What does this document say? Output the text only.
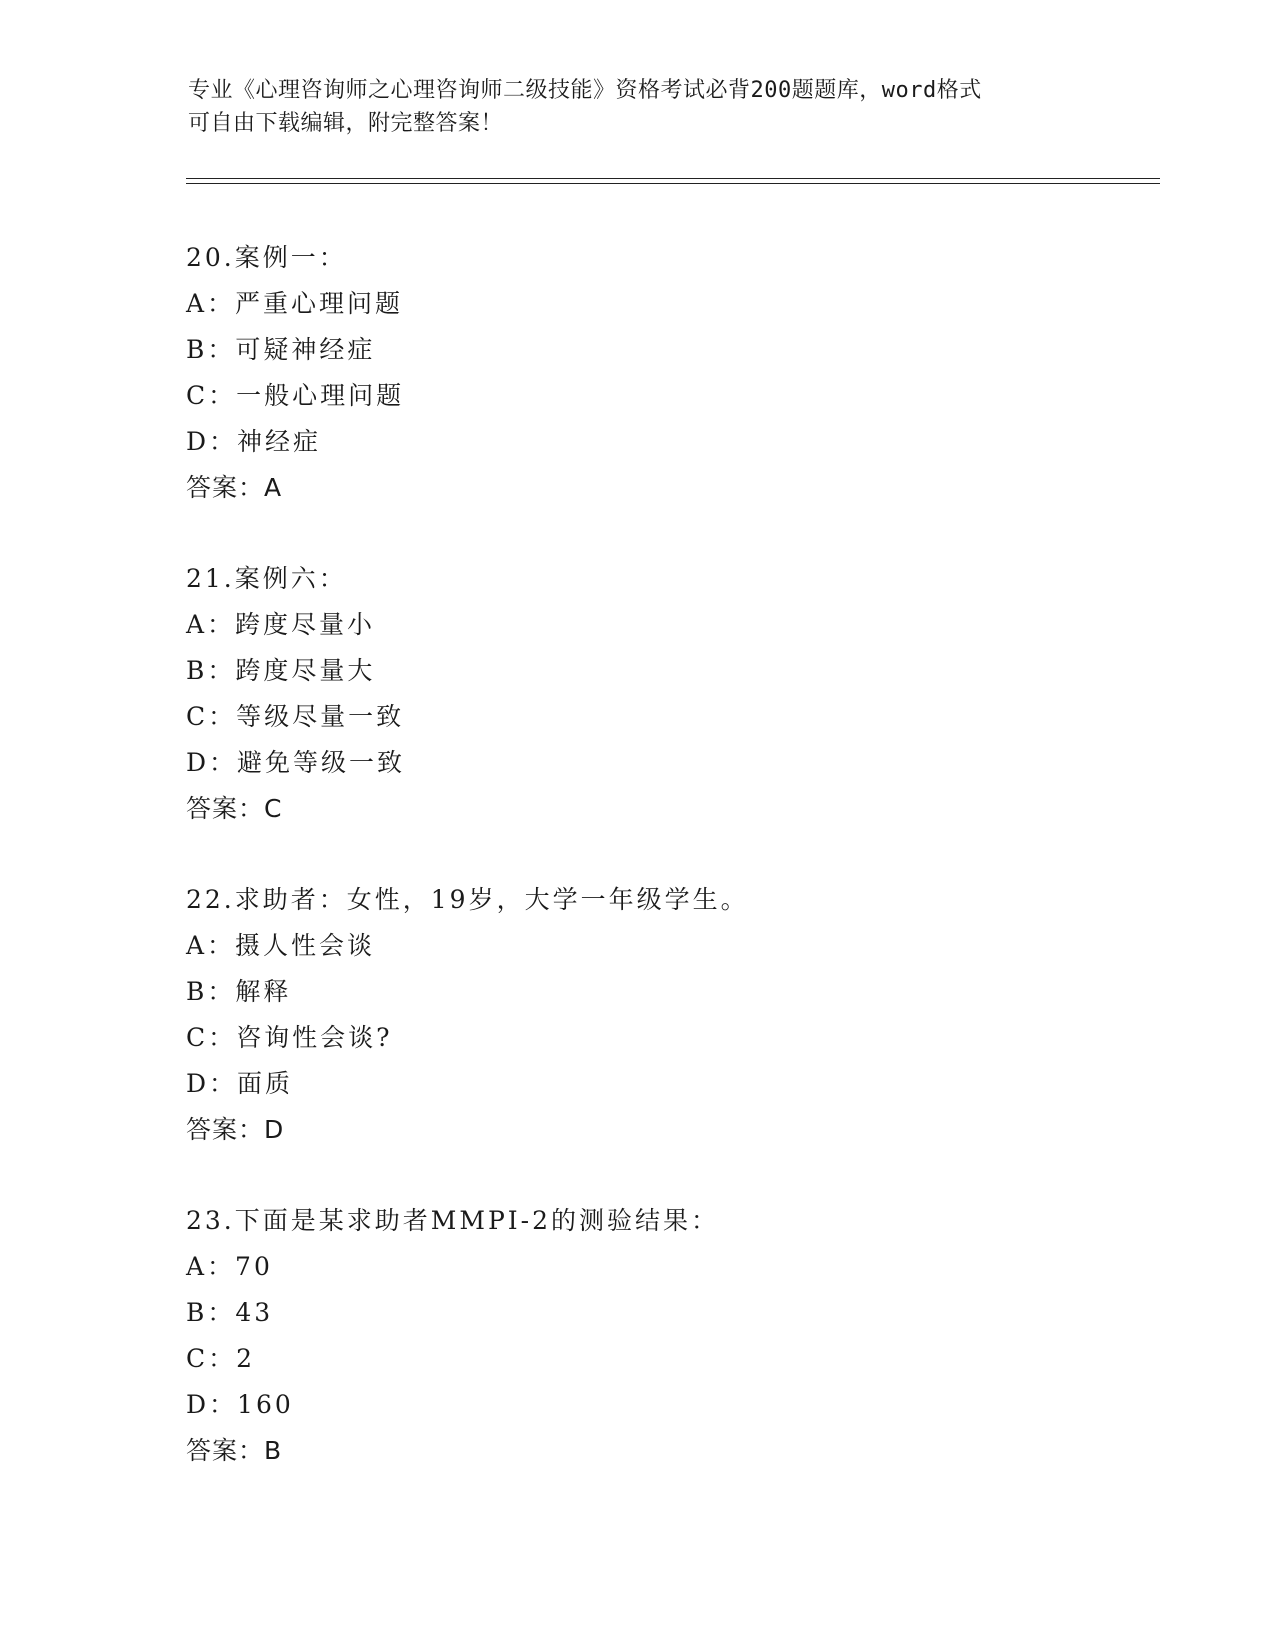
专业《心理咨询师之心理咨询师二级技能》资格考试必背200题题库，word格式
可自由下载编辑，附完整答案！
20.案例一：
A：严重心理问题
B：可疑神经症
C：一般心理问题
D：神经症
答案：A
21.案例六：
A：跨度尽量小
B：跨度尽量大
C：等级尽量一致
D：避免等级一致
答案：C
22.求助者：女性，19岁，大学一年级学生。
A：摄人性会谈
B：解释
C：咨询性会谈?
D：面质
答案：D
23.下面是某求助者MMPI-2的测验结果：
A：70
B：43
C：2
D：160
答案：B
